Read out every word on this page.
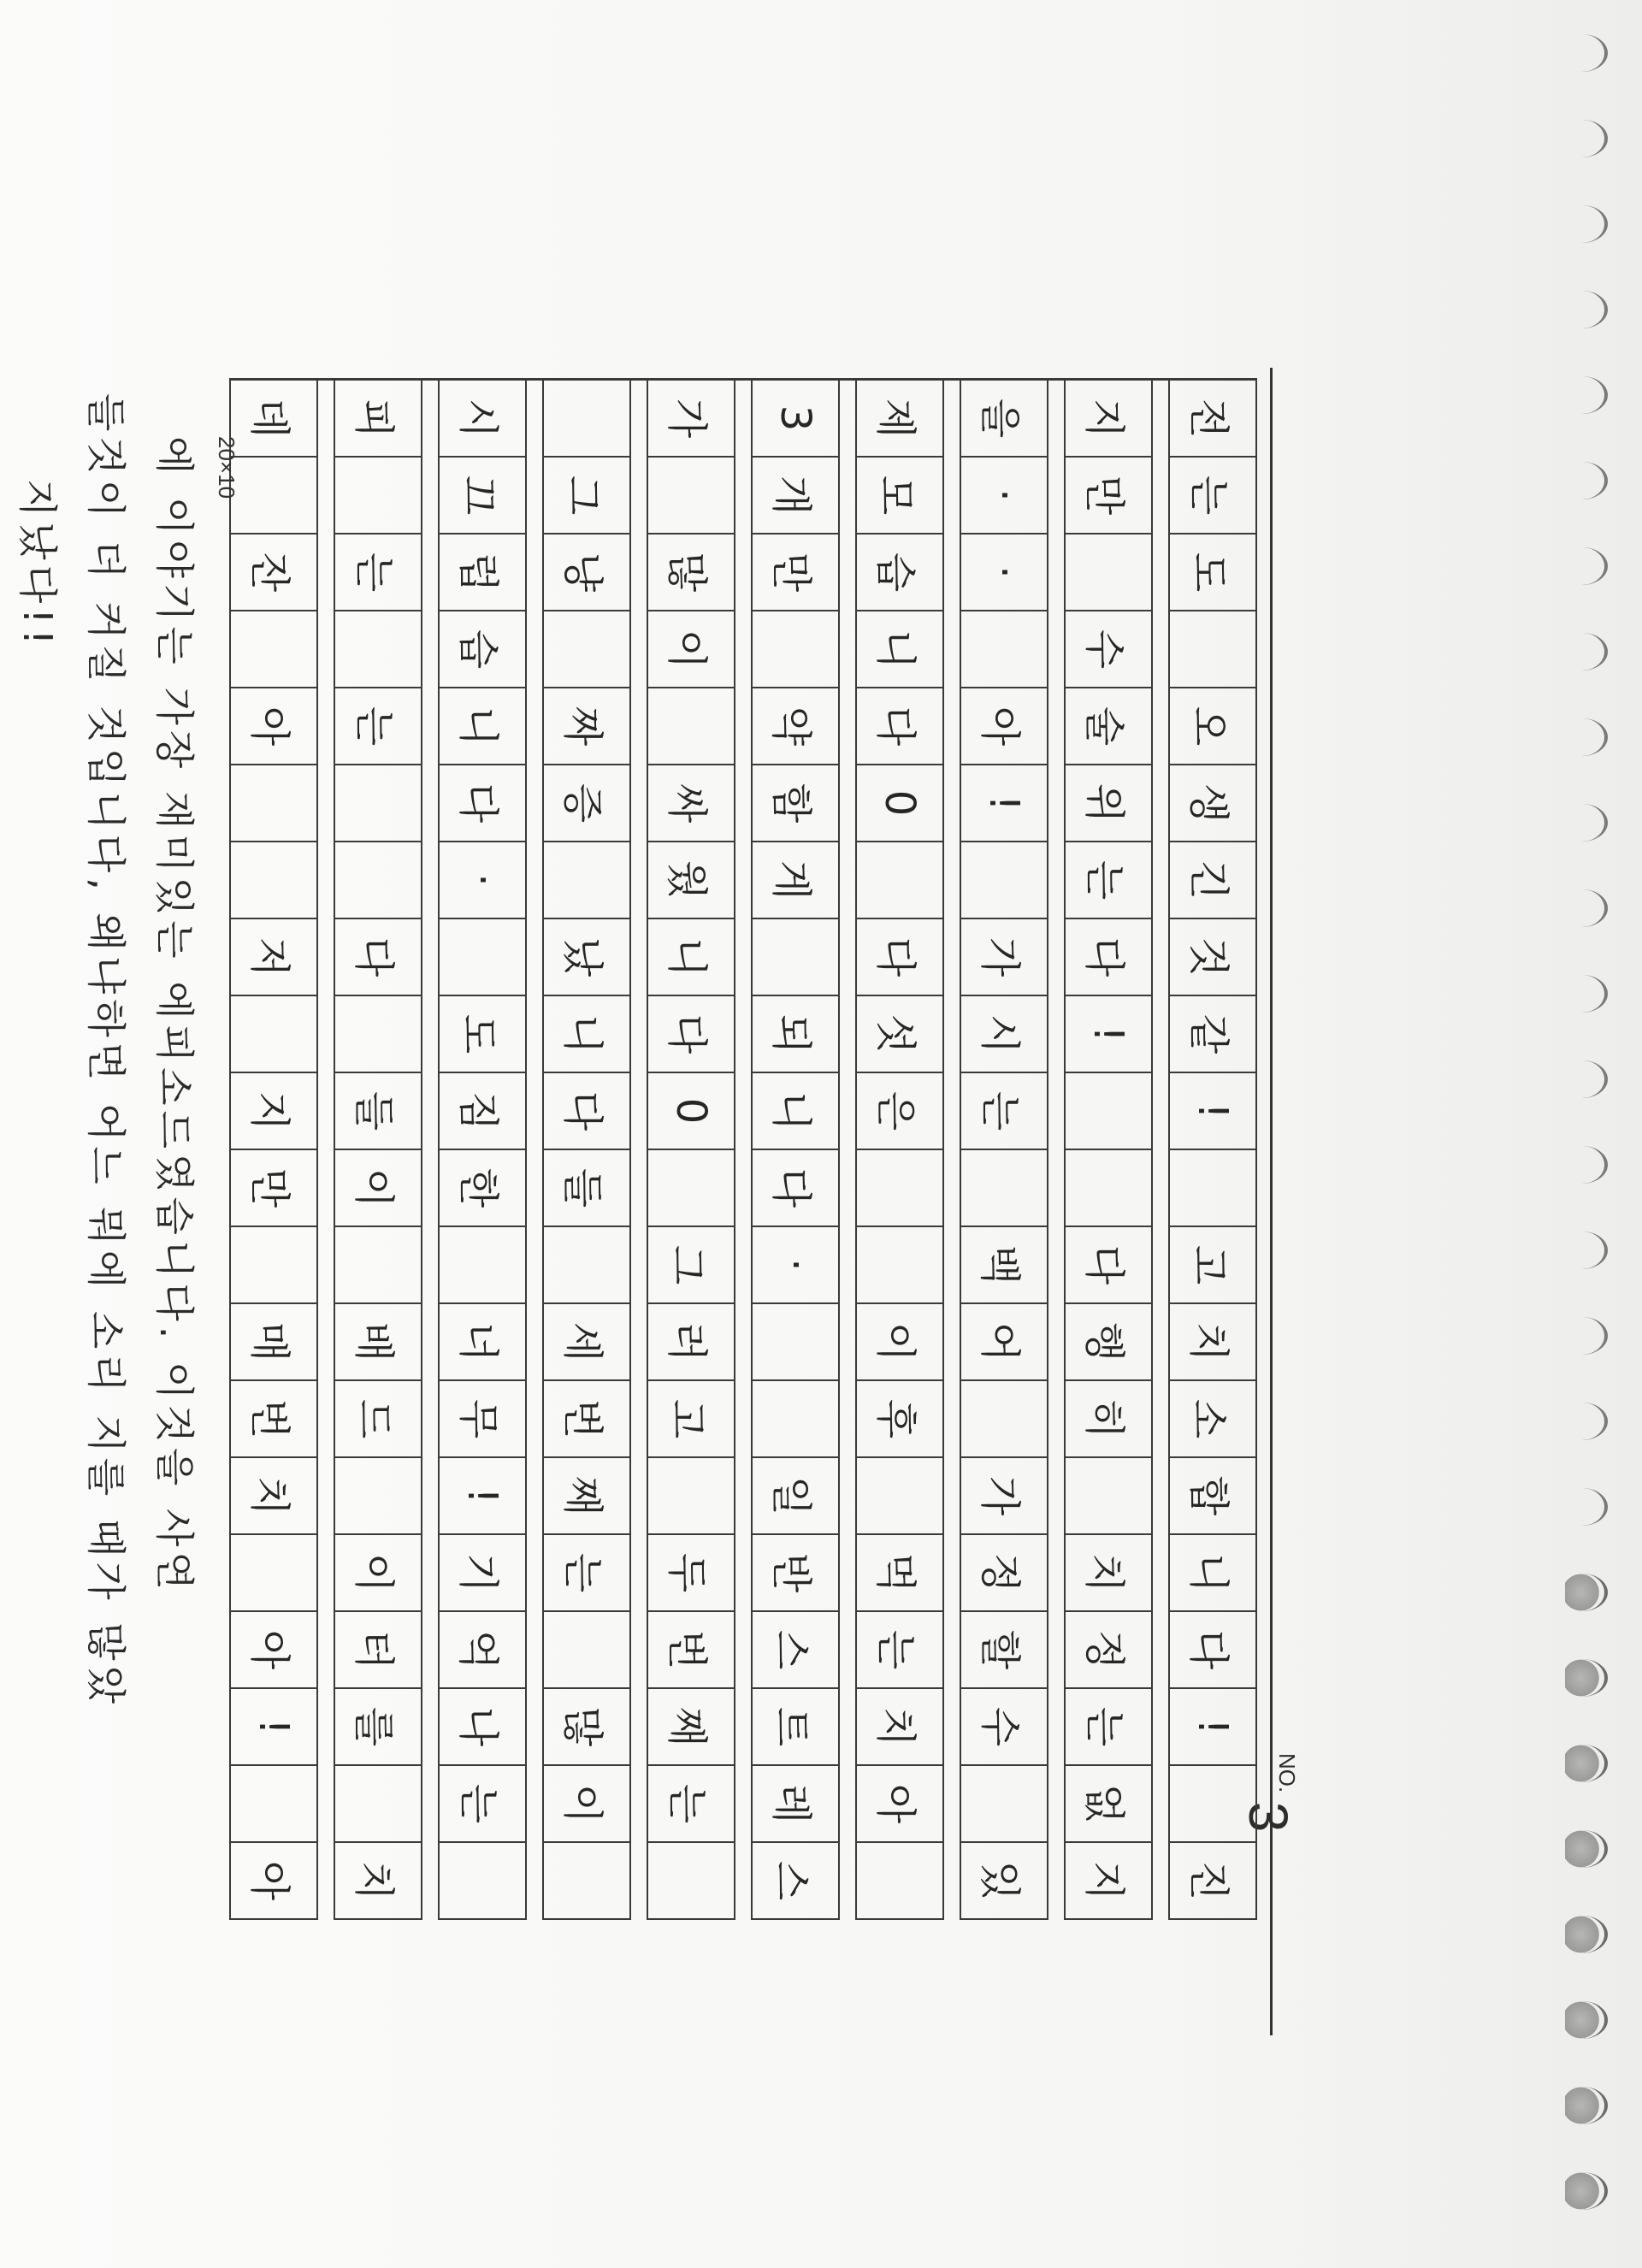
NO. 3
전
는
도
오
생
긴
것
같
!
고
치
소
합
니
다
!
진
지
만
수
술
위
는
다
!
다
행
히
치
정
는
없
지
을
·
·
아
!
가
시
는
백
어
가
정
할
수
있
제
모
습
니
다
0
다
섯
은
이
후
먹
는
치
아
3
개
만
약
함
게
되
니
다
·
일
반
스
트
레
스
가
많
이
싸
웠
니
다
0
그
러
고
두
번
째
는
그
냥
짜
증
났
니
다
들
세
번
째
는
많
이
시
끄
럽
습
니
다
·
도
짐
한
너
무
!
기
억
나
는
피
는
는
다
들
이
배
드
이
터
를
치
데
잔
아
저
지
만
매
번
치
아
!
아
20×10
에 이야기는 가장 재미있는 에피소드였습니다. 이것을 사연
들것이 더 커질 것입니다, 왜냐하면 어느 뭐에 소리 지를 때가 많았
지났다!!
